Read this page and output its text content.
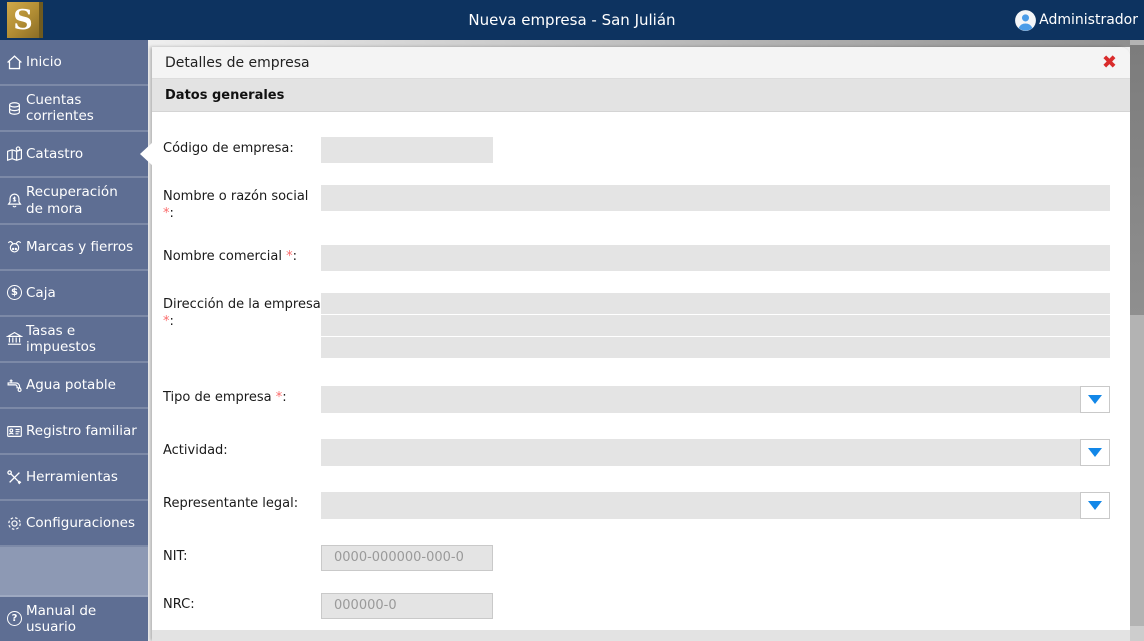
S	Nueva empresa - San Julián	Administrador
Inicio
Cuentas corrientes
Catastro
Recuperación de mora
Marcas y fierros
$ Caja
Tasas e impuestos
Agua potable
Registro familiar
Herramientas
Configuraciones
? Manual de usuario
Detalles de empresa	✖
Datos generales
Código de empresa:
Nombre o razón social *:
Nombre comercial *:
Dirección de la empresa *:
Tipo de empresa *:
Actividad:
Representante legal:
NIT:
0000-000000-000-0
NRC:
000000-0
